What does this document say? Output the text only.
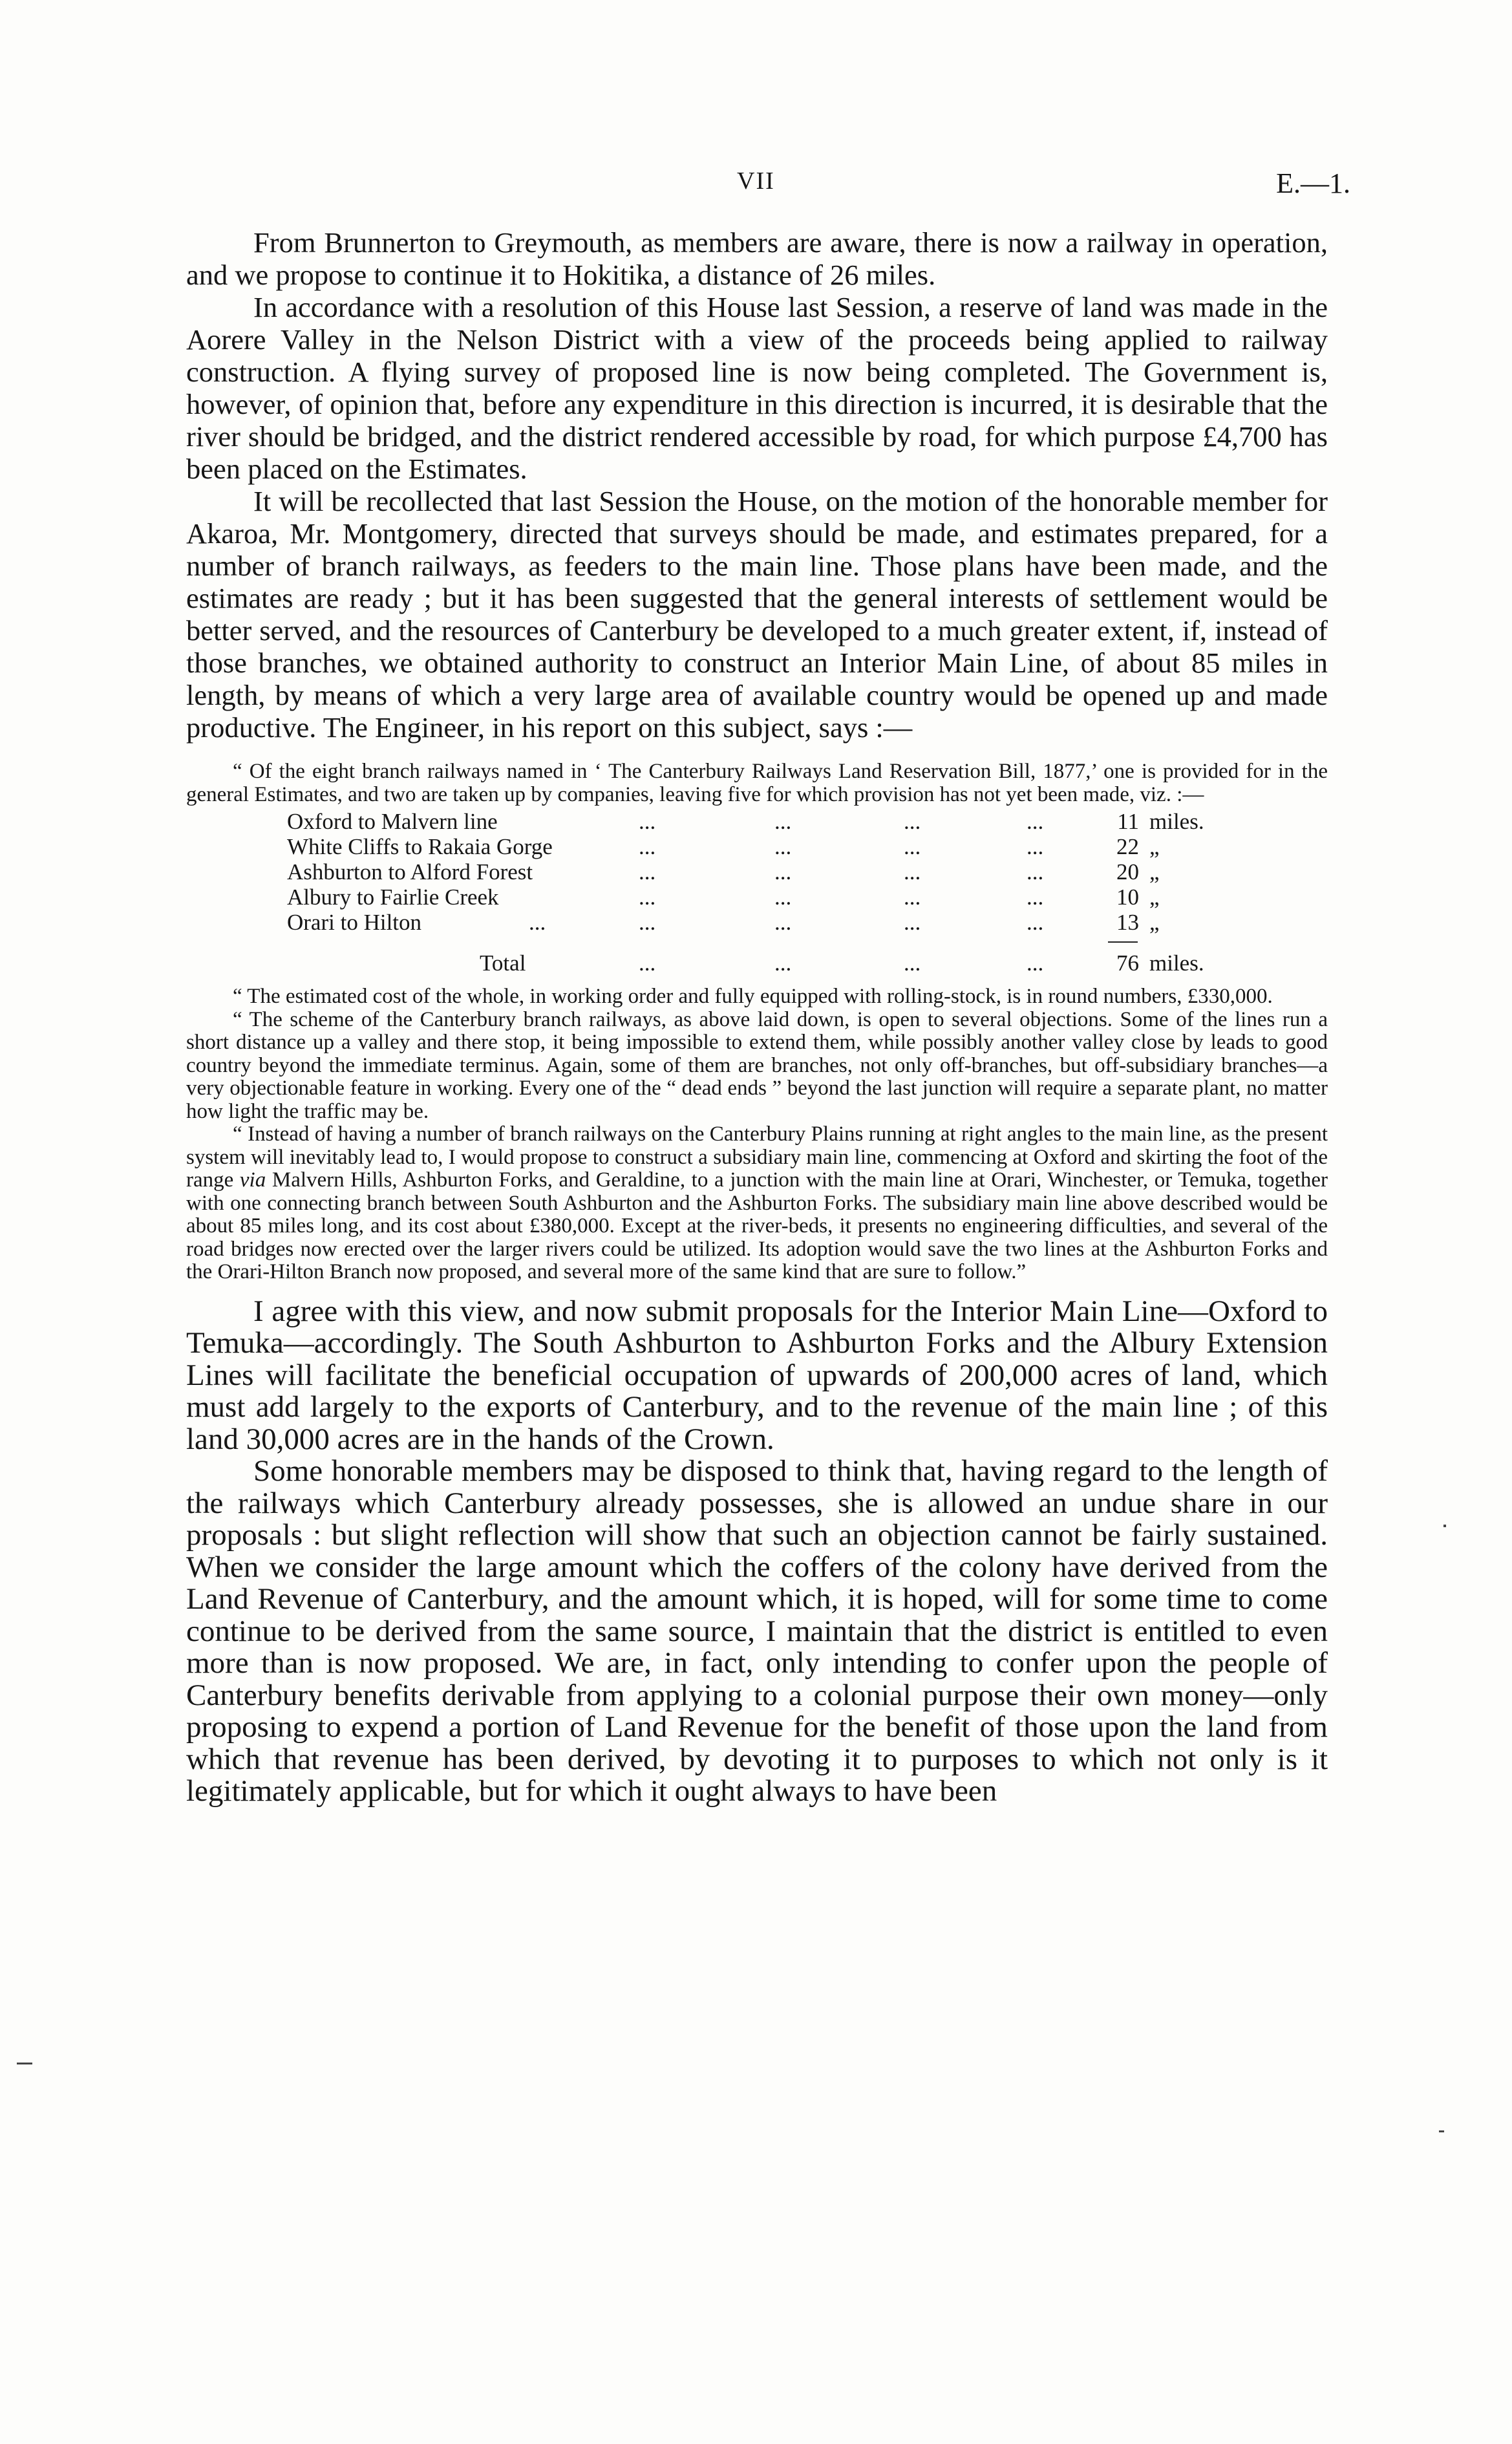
VII	E.—1.

From Brunnerton to Greymouth, as members are aware, there is now a railway in operation, and we propose to continue it to Hokitika, a distance of 26 miles.

In accordance with a resolution of this House last Session, a reserve of land was made in the Aorere Valley in the Nelson District with a view of the proceeds being applied to railway construction. A flying survey of proposed line is now being completed. The Government is, however, of opinion that, before any expenditure in this direction is incurred, it is desirable that the river should be bridged, and the district rendered accessible by road, for which purpose £4,700 has been placed on the Estimates.

It will be recollected that last Session the House, on the motion of the honorable member for Akaroa, Mr. Montgomery, directed that surveys should be made, and estimates prepared, for a number of branch railways, as feeders to the main line. Those plans have been made, and the estimates are ready ; but it has been suggested that the general interests of settlement would be better served, and the resources of Canterbury be developed to a much greater extent, if, instead of those branches, we obtained authority to construct an Interior Main Line, of about 85 miles in length, by means of which a very large area of available country would be opened up and made productive. The Engineer, in his report on this subject, says :—

“ Of the eight branch railways named in ‘ The Canterbury Railways Land Reservation Bill, 1877,’ one is provided for in the general Estimates, and two are taken up by companies, leaving five for which provision has not yet been made, viz. :—

Oxford to Malvern line	...	...	...	...	11 miles.
White Cliffs to Rakaia Gorge	...	...	...	...	22 „
Ashburton to Alford Forest	...	...	...	...	20 „
Albury to Fairlie Creek	...	...	...	...	10 „
Orari to Hilton	...	...	...	...	...	13 „
Total	...	...	...	...	76 miles.

“ The estimated cost of the whole, in working order and fully equipped with rolling-stock, is in round numbers, £330,000.

“ The scheme of the Canterbury branch railways, as above laid down, is open to several objections. Some of the lines run a short distance up a valley and there stop, it being impossible to extend them, while possibly another valley close by leads to good country beyond the immediate terminus. Again, some of them are branches, not only off-branches, but off-subsidiary branches—a very objectionable feature in working. Every one of the “ dead ends ” beyond the last junction will require a separate plant, no matter how light the traffic may be.

“ Instead of having a number of branch railways on the Canterbury Plains running at right angles to the main line, as the present system will inevitably lead to, I would propose to construct a subsidiary main line, commencing at Oxford and skirting the foot of the range via Malvern Hills, Ashburton Forks, and Geraldine, to a junction with the main line at Orari, Winchester, or Temuka, together with one connecting branch between South Ashburton and the Ashburton Forks. The subsidiary main line above described would be about 85 miles long, and its cost about £380,000. Except at the river-beds, it presents no engineering difficulties, and several of the road bridges now erected over the larger rivers could be utilized. Its adoption would save the two lines at the Ashburton Forks and the Orari-Hilton Branch now proposed, and several more of the same kind that are sure to follow.”

I agree with this view, and now submit proposals for the Interior Main Line—Oxford to Temuka—accordingly. The South Ashburton to Ashburton Forks and the Albury Extension Lines will facilitate the beneficial occupation of upwards of 200,000 acres of land, which must add largely to the exports of Canterbury, and to the revenue of the main line ; of this land 30,000 acres are in the hands of the Crown.

Some honorable members may be disposed to think that, having regard to the length of the railways which Canterbury already possesses, she is allowed an undue share in our proposals : but slight reflection will show that such an objection cannot be fairly sustained. When we consider the large amount which the coffers of the colony have derived from the Land Revenue of Canterbury, and the amount which, it is hoped, will for some time to come continue to be derived from the same source, I maintain that the district is entitled to even more than is now proposed. We are, in fact, only intending to confer upon the people of Canterbury benefits derivable from applying to a colonial purpose their own money—only proposing to expend a portion of Land Revenue for the benefit of those upon the land from which that revenue has been derived, by devoting it to purposes to which not only is it legitimately applicable, but for which it ought always to have been
